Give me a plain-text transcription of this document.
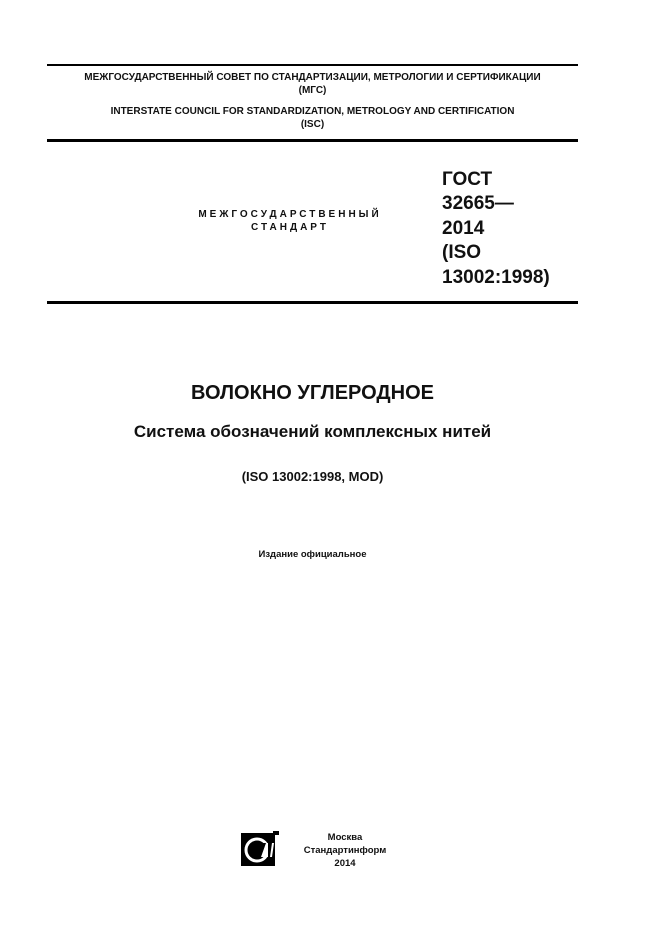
МЕЖГОСУДАРСТВЕННЫЙ СОВЕТ ПО СТАНДАРТИЗАЦИИ, МЕТРОЛОГИИ И СЕРТИФИКАЦИИ
(МГС)
INTERSTATE COUNCIL FOR STANDARDIZATION, METROLOGY AND CERTIFICATION
(ISC)
МЕЖГОСУДАРСТВЕННЫЙ
СТАНДАРТ
ГОСТ
32665—
2014
(ISO
13002:1998)
ВОЛОКНО УГЛЕРОДНОЕ
Система обозначений комплексных нитей
(ISO 13002:1998, MOD)
Издание официальное
Москва
Стандартинформ
2014
